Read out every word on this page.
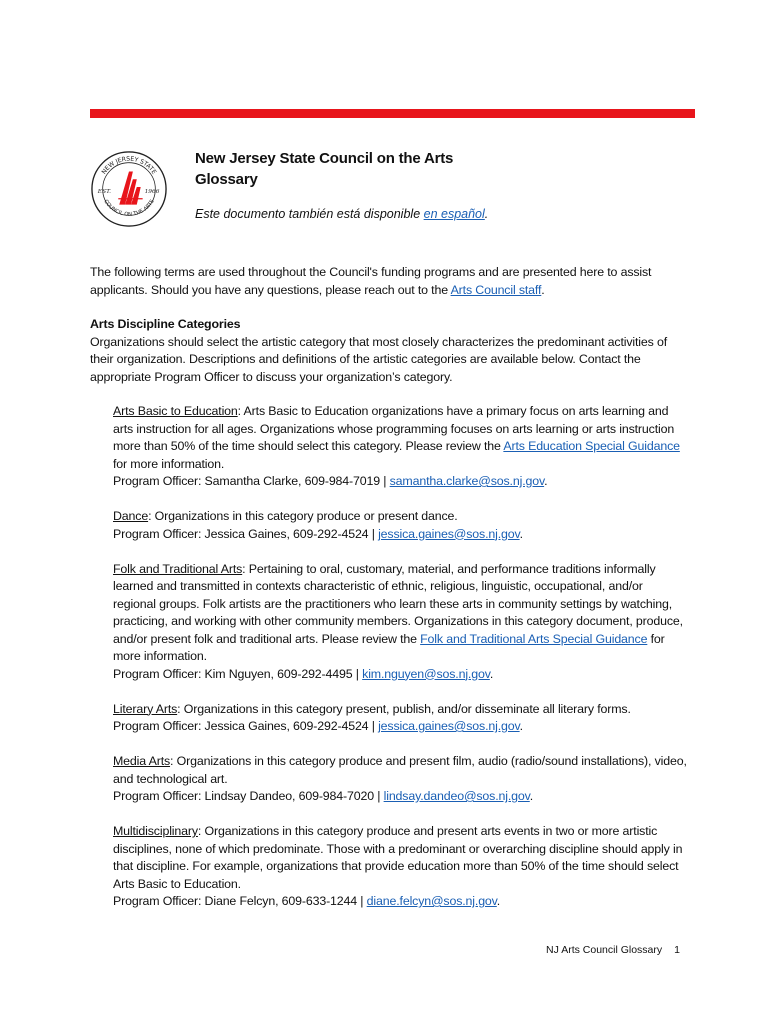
NEW JERSEY STATE
COUNCIL ON THE ARTS
EST.	1966
New Jersey State Council on the Arts
Glossary
Este documento también está disponible en español.
The following terms are used throughout the Council's funding programs and are presented here to assist applicants. Should you have any questions, please reach out to the Arts Council staff.
Arts Discipline Categories
Organizations should select the artistic category that most closely characterizes the predominant activities of their organization. Descriptions and definitions of the artistic categories are available below. Contact the appropriate Program Officer to discuss your organization’s category.
Arts Basic to Education: Arts Basic to Education organizations have a primary focus on arts learning and arts instruction for all ages. Organizations whose programming focuses on arts learning or arts instruction more than 50% of the time should select this category. Please review the Arts Education Special Guidance for more information.
Program Officer: Samantha Clarke, 609-984-7019 | samantha.clarke@sos.nj.gov.
Dance: Organizations in this category produce or present dance.
Program Officer: Jessica Gaines, 609-292-4524 | jessica.gaines@sos.nj.gov.
Folk and Traditional Arts: Pertaining to oral, customary, material, and performance traditions informally learned and transmitted in contexts characteristic of ethnic, religious, linguistic, occupational, and/or regional groups. Folk artists are the practitioners who learn these arts in community settings by watching, practicing, and working with other community members. Organizations in this category document, produce, and/or present folk and traditional arts. Please review the Folk and Traditional Arts Special Guidance for more information.
Program Officer: Kim Nguyen, 609-292-4495 | kim.nguyen@sos.nj.gov.
Literary Arts: Organizations in this category present, publish, and/or disseminate all literary forms.
Program Officer: Jessica Gaines, 609-292-4524 | jessica.gaines@sos.nj.gov.
Media Arts: Organizations in this category produce and present film, audio (radio/sound installations), video, and technological art.
Program Officer: Lindsay Dandeo, 609-984-7020 | lindsay.dandeo@sos.nj.gov.
Multidisciplinary: Organizations in this category produce and present arts events in two or more artistic disciplines, none of which predominate. Those with a predominant or overarching discipline should apply in that discipline. For example, organizations that provide education more than 50% of the time should select Arts Basic to Education.
Program Officer: Diane Felcyn, 609-633-1244 | diane.felcyn@sos.nj.gov.
NJ Arts Council Glossary 1
